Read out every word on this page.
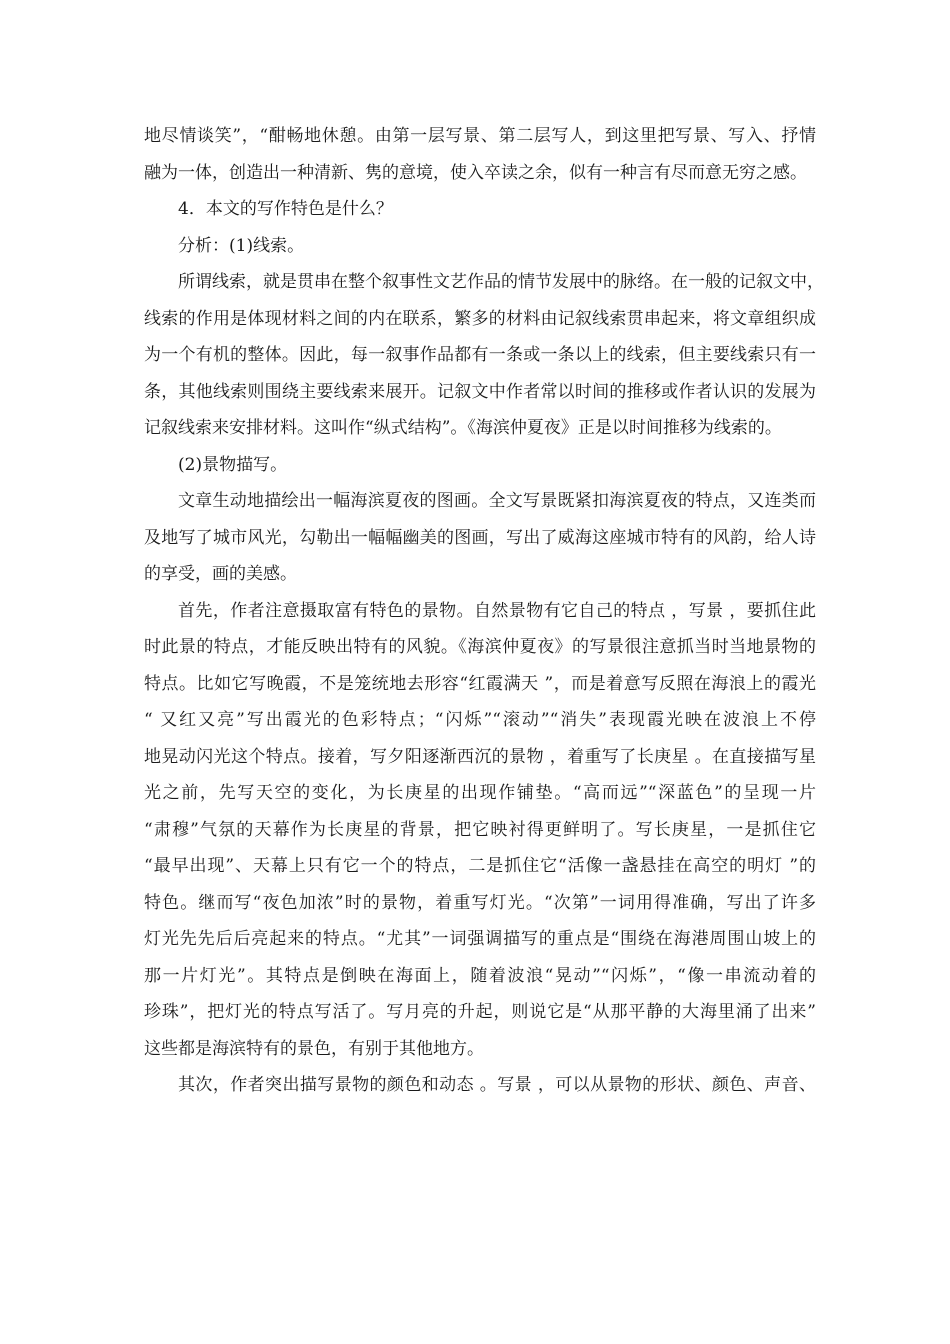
地尽情谈笑”，“酣畅地休憩。由第一层写景、第二层写人，到这里把写景、写入、抒情
融为一体，创造出一种清新、隽的意境，使入卒读之余，似有一种言有尽而意无穷之感。
4．本文的写作特色是什么？
分析：(1)线索。
所谓线索，就是贯串在整个叙事性文艺作品的情节发展中的脉络。在一般的记叙文中，
线索的作用是体现材料之间的内在联系，繁多的材料由记叙线索贯串起来，将文章组织成
为一个有机的整体。因此，每一叙事作品都有一条或一条以上的线索，但主要线索只有一
条，其他线索则围绕主要线索来展开。记叙文中作者常以时间的推移或作者认识的发展为
记叙线索来安排材料。这叫作“纵式结构”。《海滨仲夏夜》正是以时间推移为线索的。
(2)景物描写。
文章生动地描绘出一幅海滨夏夜的图画。全文写景既紧扣海滨夏夜的特点，又连类而
及地写了城市风光，勾勒出一幅幅幽美的图画，写出了威海这座城市特有的风韵，给人诗
的享受，画的美感。
首先，作者注意摄取富有特色的景物。自然景物有它自己的特点 ，写景 ，要抓住此
时此景的特点，才能反映出特有的风貌。《海滨仲夏夜》的写景很注意抓当时当地景物的
特点。比如它写晚霞，不是笼统地去形容“红霞满天 ”，而是着意写反照在海浪上的霞光
“ 又红又亮”写出霞光的色彩特点；“闪烁”“滚动”“消失”表现霞光映在波浪上不停
地晃动闪光这个特点。接着，写夕阳逐渐西沉的景物 ，着重写了长庚星 。在直接描写星
光之前，先写天空的变化，为长庚星的出现作铺垫。“高而远”“深蓝色”的呈现一片
“肃穆”气氛的天幕作为长庚星的背景，把它映衬得更鲜明了。写长庚星，一是抓住它
“最早出现”、天幕上只有它一个的特点，二是抓住它“活像一盏悬挂在高空的明灯 ”的
特色。继而写“夜色加浓”时的景物，着重写灯光。“次第”一词用得准确，写出了许多
灯光先先后后亮起来的特点。“尤其”一词强调描写的重点是“围绕在海港周围山坡上的
那一片灯光”。其特点是倒映在海面上，随着波浪“晃动”“闪烁”，“像一串流动着的
珍珠”，把灯光的特点写活了。写月亮的升起，则说它是“从那平静的大海里涌了出来”
这些都是海滨特有的景色，有别于其他地方。
其次，作者突出描写景物的颜色和动态 。写景 ，可以从景物的形状、颜色、声音、
